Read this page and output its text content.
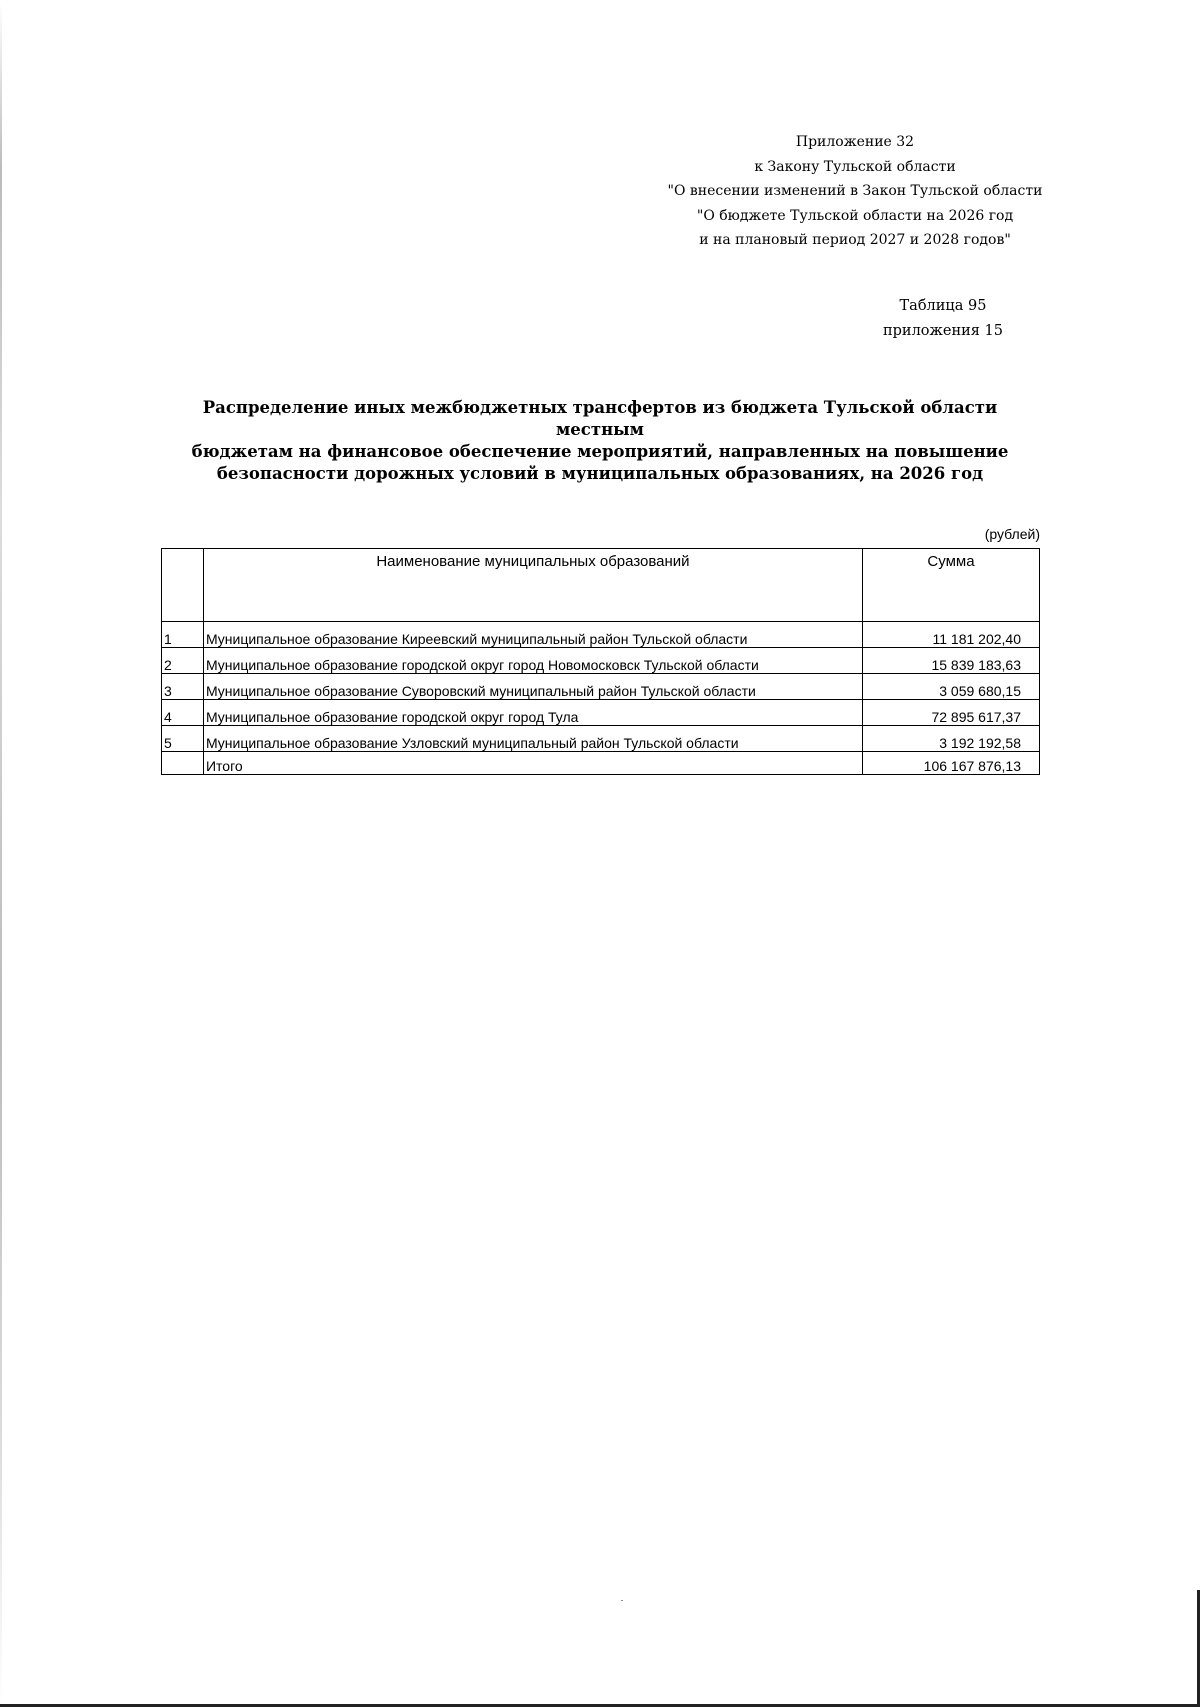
Приложение 32
к Закону Тульской области
"О внесении изменений в Закон Тульской области
"О бюджете Тульской области на 2026 год
и на плановый период 2027 и 2028 годов"
Таблица 95
приложения 15
Распределение иных межбюджетных трансфертов из бюджета Тульской области местным
бюджетам на финансовое обеспечение мероприятий, направленных на повышение
безопасности дорожных условий в муниципальных образованиях, на 2026 год
(рублей)
	Наименование муниципальных образований	Сумма
1	Муниципальное образование Киреевский муниципальный район Тульской области	11 181 202,40
2	Муниципальное образование городской округ город Новомосковск Тульской области	15 839 183,63
3	Муниципальное образование Суворовский муниципальный район Тульской области	3 059 680,15
4	Муниципальное образование городской округ город Тула	72 895 617,37
5	Муниципальное образование Узловский муниципальный район Тульской области	3 192 192,58
	Итого	106 167 876,13
